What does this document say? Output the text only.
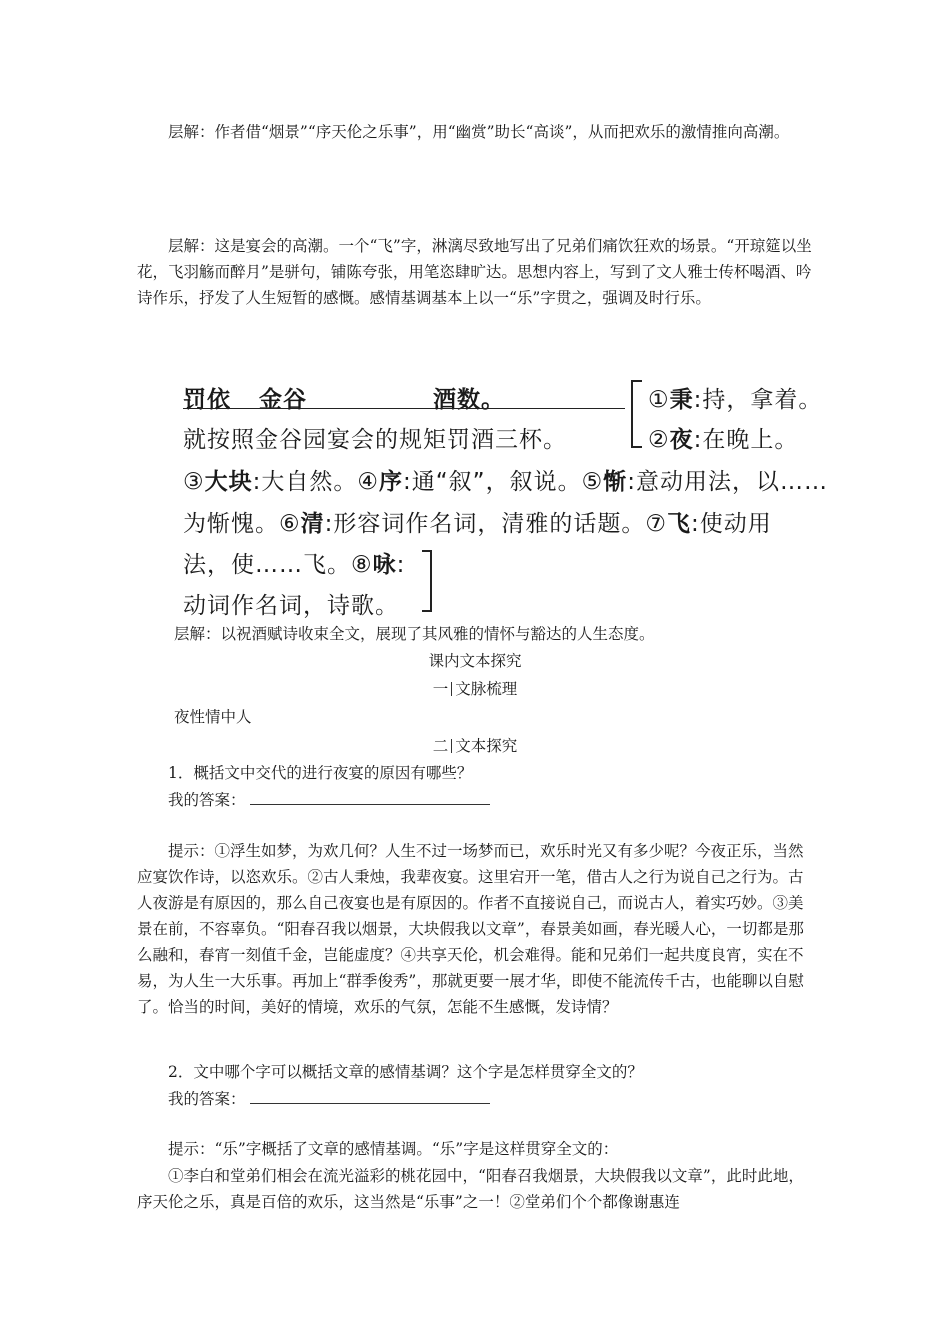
层解：作者借“烟景”“序天伦之乐事”，用“幽赏”助长“高谈”，从而把欢乐的激情推向高潮。
层解：这是宴会的高潮。一个“飞”字，淋漓尽致地写出了兄弟们痛饮狂欢的场景。“开琼筵以坐花，飞羽觞而醉月”是骈句，铺陈夸张，用笔恣肆旷达。思想内容上，写到了文人雅士传杯喝酒、吟诗作乐，抒发了人生短暂的感慨。感情基调基本上以一“乐”字贯之，强调及时行乐。
罚依 金谷	酒数。
就按照金谷园宴会的规矩罚酒三杯。
①秉:持，拿着。
②夜:在晚上。
③大块:大自然。④序:通“叙”，叙说。⑤惭:意动用法，以……
为惭愧。⑥清:形容词作名词，清雅的话题。⑦飞:使动用
法，使……飞。⑧咏:
动词作名词，诗歌。
层解：以祝酒赋诗收束全文，展现了其风雅的情怀与豁达的人生态度。
课内文本探究
一 文脉梳理
夜性情中人
二 文本探究
1．概括文中交代的进行夜宴的原因有哪些？
我的答案：
提示：①浮生如梦，为欢几何？人生不过一场梦而已，欢乐时光又有多少呢？今夜正乐，当然应宴饮作诗，以恣欢乐。②古人秉烛，我辈夜宴。这里宕开一笔，借古人之行为说自己之行为。古人夜游是有原因的，那么自己夜宴也是有原因的。作者不直接说自己，而说古人，着实巧妙。③美景在前，不容辜负。“阳春召我以烟景，大块假我以文章”，春景美如画，春光暖人心，一切都是那么融和，春宵一刻值千金，岂能虚度？④共享天伦，机会难得。能和兄弟们一起共度良宵，实在不易，为人生一大乐事。再加上“群季俊秀”，那就更要一展才华，即使不能流传千古，也能聊以自慰了。恰当的时间，美好的情境，欢乐的气氛，怎能不生感慨，发诗情？
2．文中哪个字可以概括文章的感情基调？这个字是怎样贯穿全文的？
我的答案：
提示：“乐”字概括了文章的感情基调。“乐”字是这样贯穿全文的：
①李白和堂弟们相会在流光溢彩的桃花园中，“阳春召我烟景，大块假我以文章”，此时此地，序天伦之乐，真是百倍的欢乐，这当然是“乐事”之一！②堂弟们个个都像谢惠连
